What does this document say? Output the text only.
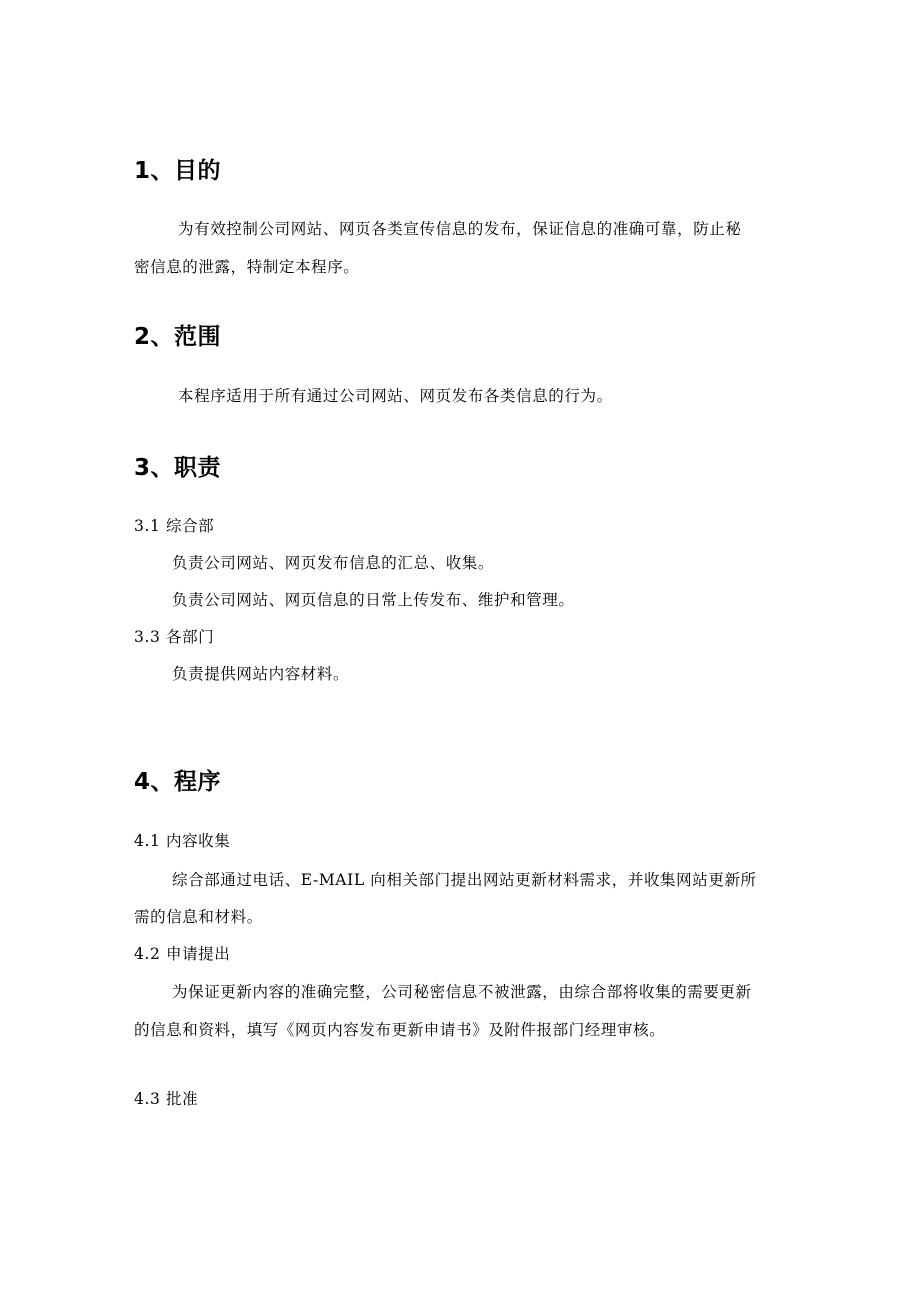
1、目的
为有效控制公司网站、网页各类宣传信息的发布，保证信息的准确可靠，防止秘
密信息的泄露，特制定本程序。
2、范围
本程序适用于所有通过公司网站、网页发布各类信息的行为。
3、职责
3.1 综合部
负责公司网站、网页发布信息的汇总、收集。
负责公司网站、网页信息的日常上传发布、维护和管理。
3.3 各部门
负责提供网站内容材料。
4、程序
4.1 内容收集
综合部通过电话、E-MAIL 向相关部门提出网站更新材料需求，并收集网站更新所
需的信息和材料。
4.2 申请提出
为保证更新内容的准确完整，公司秘密信息不被泄露，由综合部将收集的需要更新
的信息和资料，填写《网页内容发布更新申请书》及附件报部门经理审核。
4.3 批准
